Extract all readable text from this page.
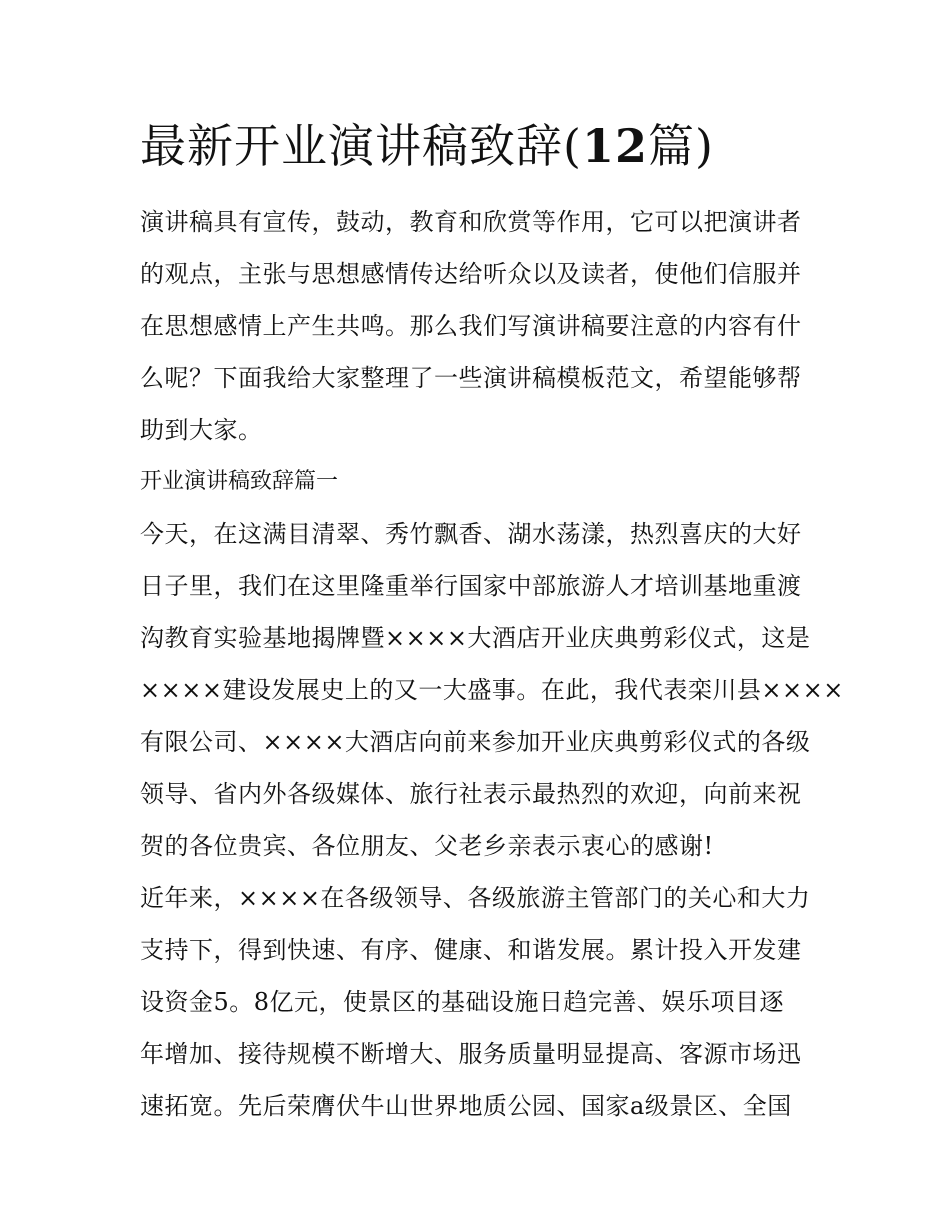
最新开业演讲稿致辞(12篇)
演讲稿具有宣传，鼓动，教育和欣赏等作用，它可以把演讲者
的观点，主张与思想感情传达给听众以及读者，使他们信服并
在思想感情上产生共鸣。那么我们写演讲稿要注意的内容有什
么呢？下面我给大家整理了一些演讲稿模板范文，希望能够帮
助到大家。
开业演讲稿致辞篇一
今天，在这满目清翠、秀竹飘香、湖水荡漾，热烈喜庆的大好
日子里，我们在这里隆重举行国家中部旅游人才培训基地重渡
沟教育实验基地揭牌暨××××大酒店开业庆典剪彩仪式，这是
××××建设发展史上的又一大盛事。在此，我代表栾川县××××
有限公司、××××大酒店向前来参加开业庆典剪彩仪式的各级
领导、省内外各级媒体、旅行社表示最热烈的欢迎，向前来祝
贺的各位贵宾、各位朋友、父老乡亲表示衷心的感谢!
近年来，××××在各级领导、各级旅游主管部门的关心和大力
支持下，得到快速、有序、健康、和谐发展。累计投入开发建
设资金5。8亿元，使景区的基础设施日趋完善、娱乐项目逐
年增加、接待规模不断增大、服务质量明显提高、客源市场迅
速拓宽。先后荣膺伏牛山世界地质公园、国家a级景区、全国
